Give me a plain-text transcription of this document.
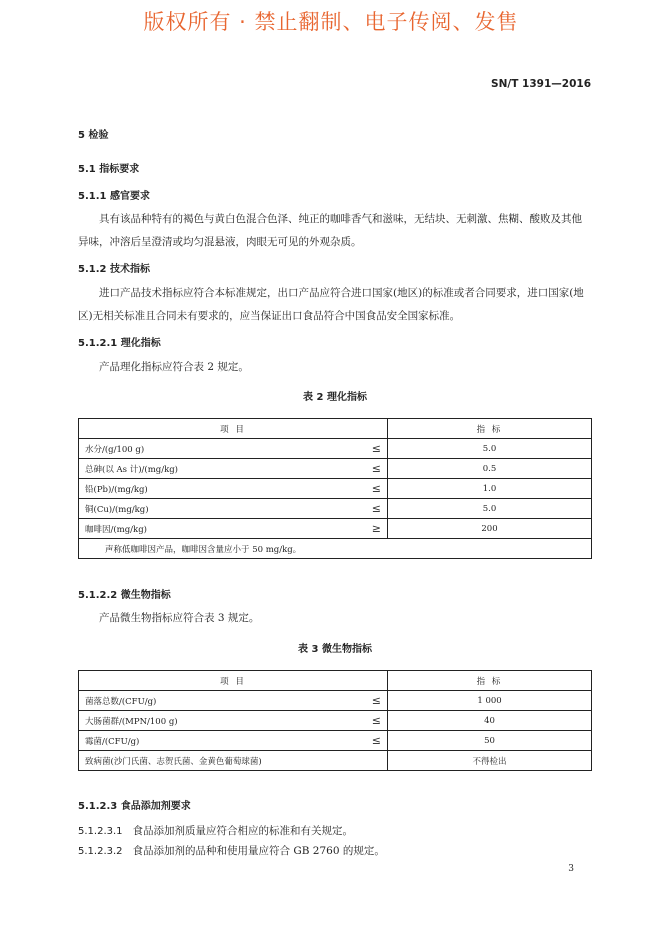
版权所有 · 禁止翻制、电子传阅、发售
SN/T 1391—2016
5 检验
5.1 指标要求
5.1.1 感官要求
具有该品种特有的褐色与黄白色混合色泽、纯正的咖啡香气和滋味，无结块、无刺激、焦糊、酸败及其他异味，冲溶后呈澄清或均匀混悬液，肉眼无可见的外观杂质。
5.1.2 技术指标
进口产品技术指标应符合本标准规定，出口产品应符合进口国家(地区)的标准或者合同要求，进口国家(地区)无相关标准且合同未有要求的，应当保证出口食品符合中国食品安全国家标准。
5.1.2.1 理化指标
产品理化指标应符合表 2 规定。
表 2 理化指标
项 目	指 标
水分/(g/100 g) ≤	5.0
总砷(以 As 计)/(mg/kg) ≤	0.5
铅(Pb)/(mg/kg) ≤	1.0
铜(Cu)/(mg/kg) ≤	5.0
咖啡因/(mg/kg) ≥	200
声称低咖啡因产品，咖啡因含量应小于 50 mg/kg。	
5.1.2.2 微生物指标
产品微生物指标应符合表 3 规定。
表 3 微生物指标
项 目	指 标
菌落总数/(CFU/g) ≤	1 000
大肠菌群/(MPN/100 g) ≤	40
霉菌/(CFU/g) ≤	50
致病菌(沙门氏菌、志贺氏菌、金黄色葡萄球菌)	不得检出
5.1.2.3 食品添加剂要求
5.1.2.3.1 食品添加剂质量应符合相应的标准和有关规定。
5.1.2.3.2 食品添加剂的品种和使用量应符合 GB 2760 的规定。
3
